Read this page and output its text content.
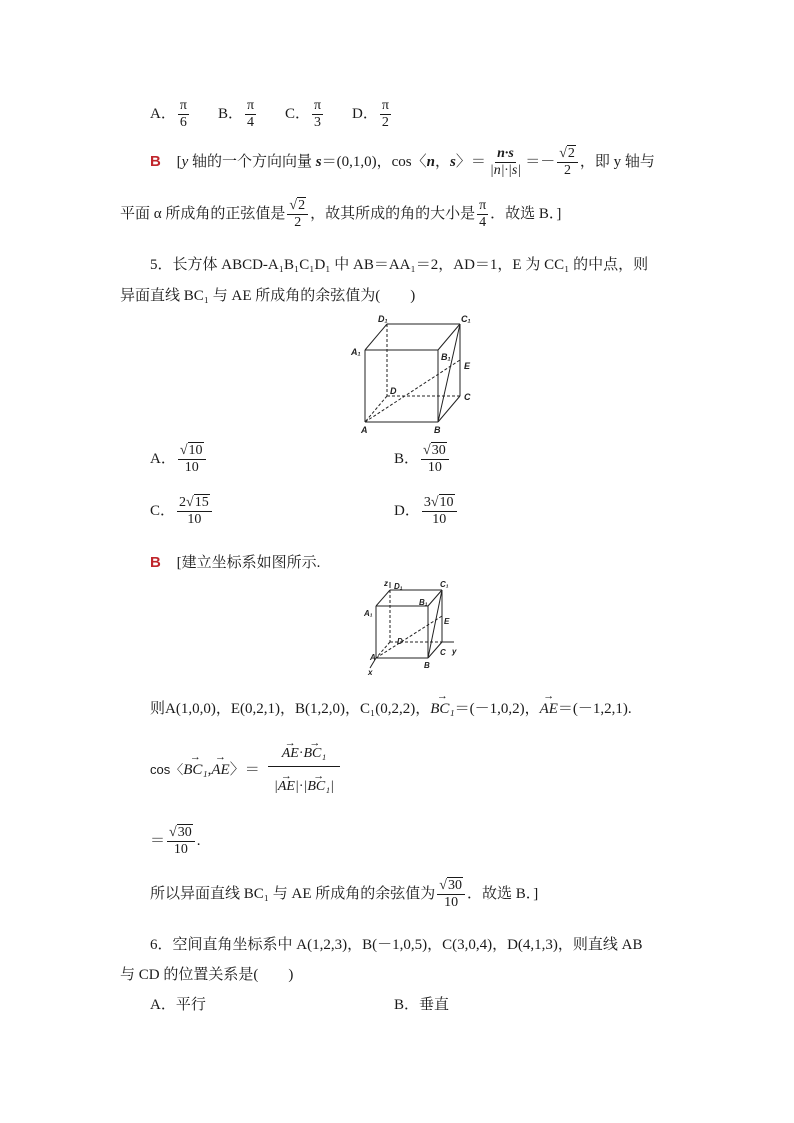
A． $\frac{\pi}{6}$ B． $\frac{\pi}{4}$ C． $\frac{\pi}{3}$ D． $\frac{\pi}{2}$
B [y 轴的一个方向向量 s＝(0,1,0)，cos〈n，s〉＝ $\frac{n\cdot s}{|n|\cdot|s|} =- \frac{√2}{2}$ ，即 y 轴与
平面 α 所成角的正弦值是 $\frac{√2}{2}$ ，故其所成的角的大小是 $\frac{\pi}{4}$ ．故选 B．]
5．长方体 ABCD-A₁B₁C₁D₁ 中 AB＝AA₁＝2，AD＝1，E 为 CC₁ 的中点，则
异面直线 BC₁ 与 AE 所成角的余弦值为(　　)
D₁	C₁
A₁	B₁
E
D
C
A	B
A． $\frac{√10}{10}$	B． $\frac{√30}{10}$
C． $\frac{2√15}{10}$	D． $\frac{3√10}{10}$
B [建立坐标系如图所示.
z D₁	C₁
B₁
A₁
E
D
A
B
C y
x
则A(1,0,0)，E(0,2,1)，B(1,2,0)，C₁(0,2,2)，→ BC₁＝(－1,0,2)，→ AE＝(－1,2,1).
cos〈→ BC₁,→ AE〉＝
→ AE·→ BC₁
→ |AE|·→ |BC₁|
＝ $\frac{√30}{10}$ .
所以异面直线 BC₁ 与 AE 所成角的余弦值为 $\frac{√30}{10}$ ．故选 B．]
6．空间直角坐标系中 A(1,2,3)，B(－1,0,5)，C(3,0,4)，D(4,1,3)，则直线 AB
与 CD 的位置关系是(　　)
A．平行	B．垂直
